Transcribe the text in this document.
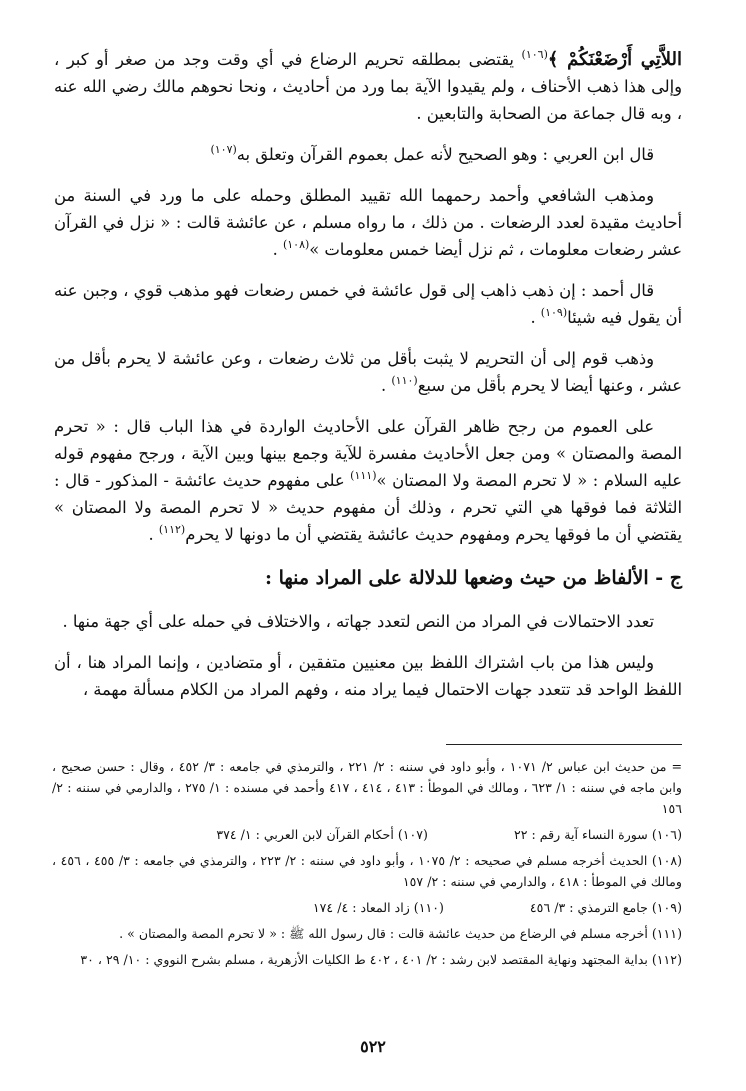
اللاَّتِي أَرْضَعْنَكُمْ ﴾$^{(١٠٦)}$ يقتضى بمطلقه تحريم الرضاع في أي وقت وجد من صغر أو كبر ، وإلى هذا ذهب الأحناف ، ولم يقيدوا الآية بما ورد من أحاديث ، ونحا نحوهم مالك رضي الله عنه ، وبه قال جماعة من الصحابة والتابعين .

قال ابن العربي : وهو الصحيح لأنه عمل بعموم القرآن وتعلق به$^{(١٠٧)}$

ومذهب الشافعي وأحمد رحمهما الله تقييد المطلق وحمله على ما ورد في السنة من أحاديث مقيدة لعدد الرضعات . من ذلك ، ما رواه مسلم ، عن عائشة قالت : « نزل في القرآن عشر رضعات معلومات ، ثم نزل أيضا خمس معلومات »$^{(١٠٨)}$ .

قال أحمد : إن ذهب ذاهب إلى قول عائشة في خمس رضعات فهو مذهب قوي ، وجبن عنه أن يقول فيه شيئا$^{(١٠٩)}$ .

وذهب قوم إلى أن التحريم لا يثبت بأقل من ثلاث رضعات ، وعن عائشة لا يحرم بأقل من عشر ، وعنها أيضا لا يحرم بأقل من سبع$^{(١١٠)}$ .

على العموم من رجح ظاهر القرآن على الأحاديث الواردة في هذا الباب قال : « تحرم المصة والمصتان » ومن جعل الأحاديث مفسرة للآية وجمع بينها وبين الآية ، ورجح مفهوم قوله عليه السلام : « لا تحرم المصة ولا المصتان »$^{(١١١)}$ على مفهوم حديث عائشة - المذكور - قال : الثلاثة فما فوقها هي التي تحرم ، وذلك أن مفهوم حديث « لا تحرم المصة ولا المصتان » يقتضي أن ما فوقها يحرم ومفهوم حديث عائشة يقتضي أن ما دونها لا يحرم$^{(١١٢)}$ .

ج - الألفاظ من حيث وضعها للدلالة على المراد منها :

تعدد الاحتمالات في المراد من النص لتعدد جهاته ، والاختلاف في حمله على أي جهة منها .

وليس هذا من باب اشتراك اللفظ بين معنيين متفقين ، أو متضادين ، وإنما المراد هنا ، أن اللفظ الواحد قد تتعدد جهات الاحتمال فيما يراد منه ، وفهم المراد من الكلام مسألة مهمة ،

= من حديث ابن عباس ٢/ ١٠٧١ ، وأبو داود في سننه : ٢/ ٢٢١ ، والترمذي في جامعه : ٣/ ٤٥٢ ، وقال : حسن صحيح ، وابن ماجه في سننه : ١/ ٦٢٣ ، ومالك في الموطأ : ٤١٣ ، ٤١٤ ، ٤١٧ وأحمد في مسنده : ١/ ٢٧٥ ، والدارمي في سننه : ٢/ ١٥٦

(١٠٦) سورة النساء آية رقم : ٢٢

(١٠٧) أحكام القرآن لابن العربي : ١/ ٣٧٤

(١٠٨) الحديث أخرجه مسلم في صحيحه : ٢/ ١٠٧٥ ، وأبو داود في سننه : ٢/ ٢٢٣ ، والترمذي في جامعه : ٣/ ٤٥٥ ، ٤٥٦ ، ومالك في الموطأ : ٤١٨ ، والدارمي في سننه : ٢/ ١٥٧

(١٠٩) جامع الترمذي : ٣/ ٤٥٦

(١١٠) زاد المعاد : ٤/ ١٧٤

(١١١) أخرجه مسلم في الرضاع من حديث عائشة قالت : قال رسول الله ﷺ : « لا تحرم المصة والمصتان » .

(١١٢) بداية المجتهد ونهاية المقتصد لابن رشد : ٢/ ٤٠١ ، ٤٠٢ ط الكليات الأزهرية ، مسلم بشرح النووي : ١٠/ ٢٩ ، ٣٠

٥٢٢
